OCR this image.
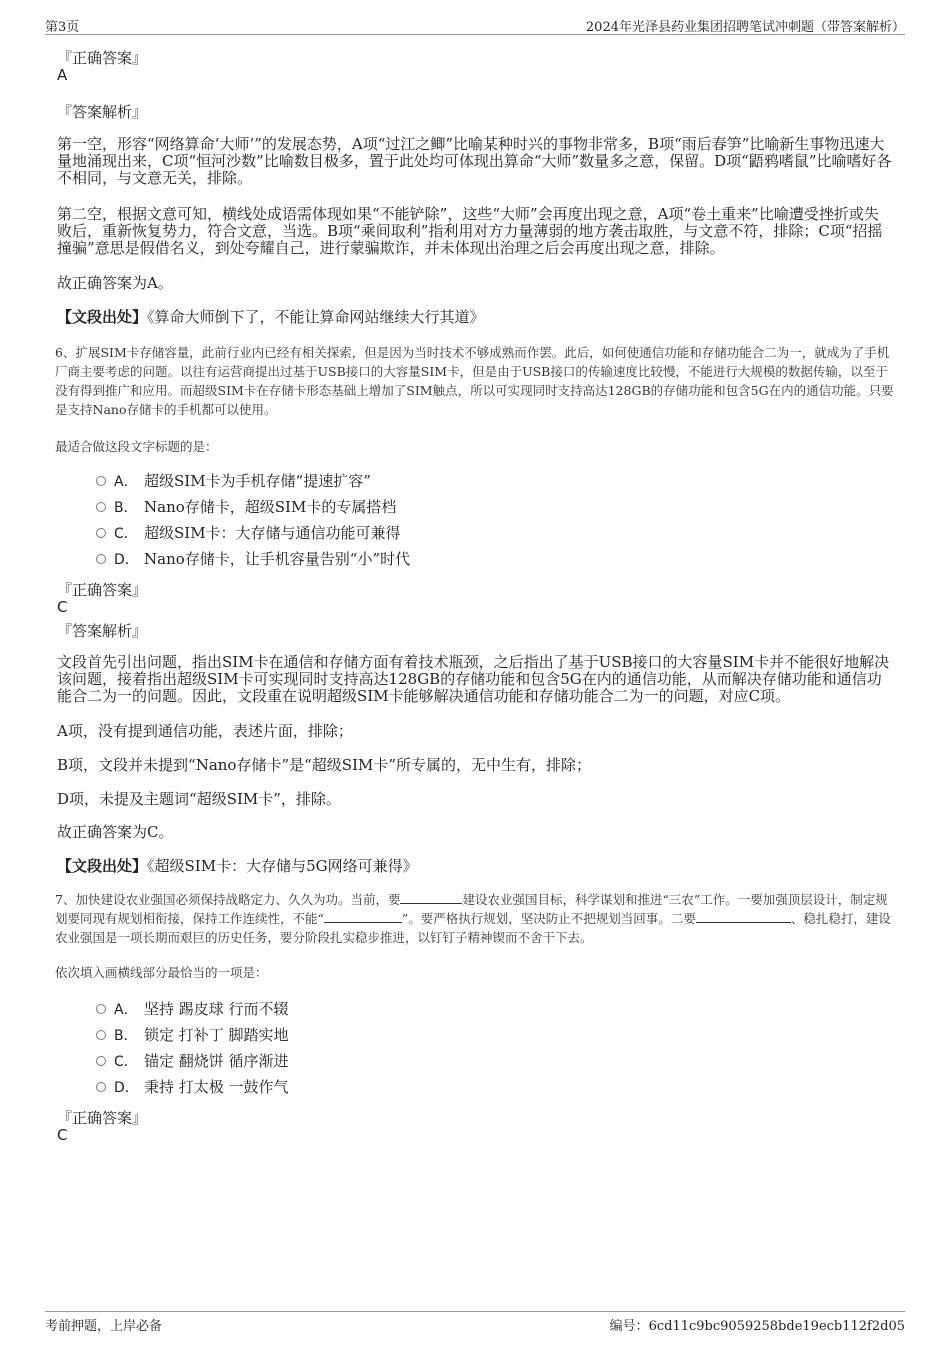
第3页	2024年光泽县药业集团招聘笔试冲刺题（带答案解析）
『正确答案』
A
『答案解析』
第一空，形容“网络算命‘大师’”的发展态势，A项“过江之鲫”比喻某种时兴的事物非常多，B项“雨后春笋”比喻新生事物迅速大量地涌现出来，C项“恒河沙数”比喻数目极多，置于此处均可体现出算命“大师”数量多之意，保留。D项“鼯鸦嗜鼠”比喻嗜好各不相同，与文意无关，排除。
第二空，根据文意可知，横线处成语需体现如果“不能铲除”，这些“大师”会再度出现之意，A项“卷土重来”比喻遭受挫折或失败后，重新恢复势力，符合文意，当选。B项“乘间取利”指利用对方力量薄弱的地方袭击取胜，与文意不符，排除；C项“招摇撞骗”意思是假借名义，到处夸耀自己，进行蒙骗欺诈，并未体现出治理之后会再度出现之意，排除。
故正确答案为A。
【文段出处】《算命大师倒下了，不能让算命网站继续大行其道》
6、扩展SIM卡存储容量，此前行业内已经有相关探索，但是因为当时技术不够成熟而作罢。此后，如何使通信功能和存储功能合二为一，就成为了手机厂商主要考虑的问题。以往有运营商提出过基于USB接口的大容量SIM卡，但是由于USB接口的传输速度比较慢，不能进行大规模的数据传输，以至于没有得到推广和应用。而超级SIM卡在存储卡形态基础上增加了SIM触点，所以可实现同时支持高达128GB的存储功能和包含5G在内的通信功能。只要是支持Nano存储卡的手机都可以使用。
最适合做这段文字标题的是：
A． 超级SIM卡为手机存储“提速扩容”
B． Nano存储卡，超级SIM卡的专属搭档
C． 超级SIM卡：大存储与通信功能可兼得
D． Nano存储卡，让手机容量告别“小”时代
『正确答案』
C
『答案解析』
文段首先引出问题，指出SIM卡在通信和存储方面有着技术瓶颈，之后指出了基于USB接口的大容量SIM卡并不能很好地解决该问题，接着指出超级SIM卡可实现同时支持高达128GB的存储功能和包含5G在内的通信功能，从而解决存储功能和通信功能合二为一的问题。因此，文段重在说明超级SIM卡能够解决通信功能和存储功能合二为一的问题，对应C项。
A项，没有提到通信功能，表述片面，排除；
B项，文段并未提到“Nano存储卡”是“超级SIM卡”所专属的，无中生有，排除；
D项，未提及主题词“超级SIM卡”，排除。
故正确答案为C。
【文段出处】《超级SIM卡：大存储与5G网络可兼得》
7、加快建设农业强国必须保持战略定力、久久为功。当前，要	建设农业强国目标，科学谋划和推进“三农”工作。一要加强顶层设计，制定规划要同现有规划相衔接，保持工作连续性，不能“	”。要严格执行规划，坚决防止不把规划当回事。二要	、稳扎稳打，建设农业强国是一项长期而艰巨的历史任务，要分阶段扎实稳步推进，以钉钉子精神锲而不舍干下去。
依次填入画横线部分最恰当的一项是：
A． 坚持 踢皮球 行而不辍
B． 锁定 打补丁 脚踏实地
C． 锚定 翻烧饼 循序渐进
D． 秉持 打太极 一鼓作气
『正确答案』
C
考前押题，上岸必备	编号：6cd11c9bc9059258bde19ecb112f2d05
